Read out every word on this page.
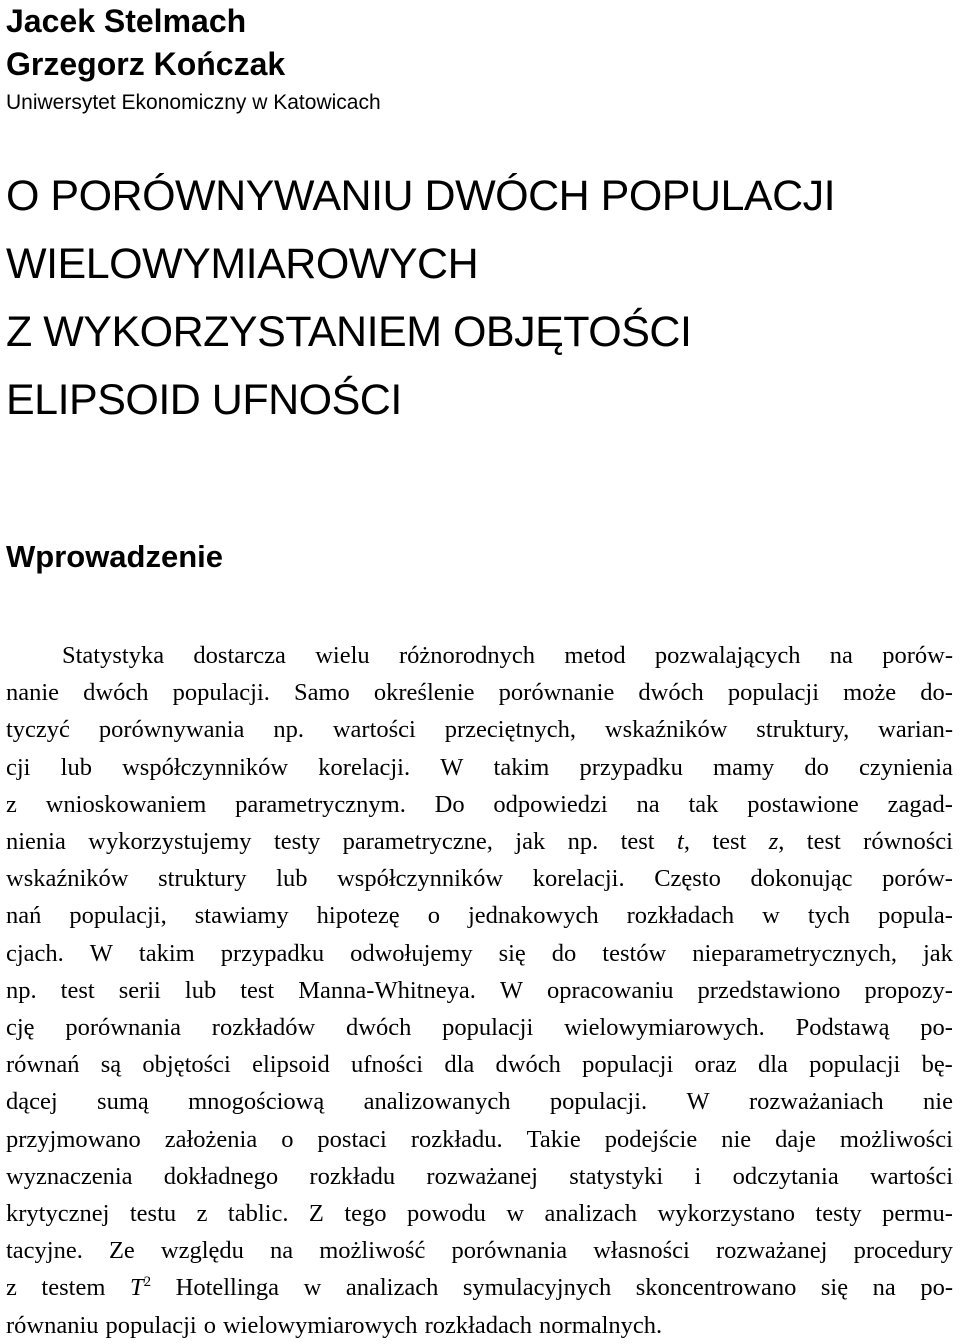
Jacek Stelmach
Grzegorz Kończak
Uniwersytet Ekonomiczny w Katowicach
O PORÓWNYWANIU DWÓCH POPULACJI
WIELOWYMIAROWYCH
Z WYKORZYSTANIEM OBJĘTOŚCI
ELIPSOID UFNOŚCI
Wprowadzenie
Statystyka dostarcza wielu różnorodnych metod pozwalających na porów-
nanie dwóch populacji. Samo określenie porównanie dwóch populacji może do-
tyczyć porównywania np. wartości przeciętnych, wskaźników struktury, warian-
cji lub współczynników korelacji. W takim przypadku mamy do czynienia
z wnioskowaniem parametrycznym. Do odpowiedzi na tak postawione zagad-
nienia wykorzystujemy testy parametryczne, jak np. test t, test z, test równości
wskaźników struktury lub współczynników korelacji. Często dokonując porów-
nań populacji, stawiamy hipotezę o jednakowych rozkładach w tych popula-
cjach. W takim przypadku odwołujemy się do testów nieparametrycznych, jak
np. test serii lub test Manna-Whitneya. W opracowaniu przedstawiono propozy-
cję porównania rozkładów dwóch populacji wielowymiarowych. Podstawą po-
równań są objętości elipsoid ufności dla dwóch populacji oraz dla populacji bę-
dącej sumą mnogościową analizowanych populacji. W rozważaniach nie
przyjmowano założenia o postaci rozkładu. Takie podejście nie daje możliwości
wyznaczenia dokładnego rozkładu rozważanej statystyki i odczytania wartości
krytycznej testu z tablic. Z tego powodu w analizach wykorzystano testy permu-
tacyjne. Ze względu na możliwość porównania własności rozważanej procedury
z testem $T^2$ Hotellinga w analizach symulacyjnych skoncentrowano się na po-
równaniu populacji o wielowymiarowych rozkładach normalnych.
